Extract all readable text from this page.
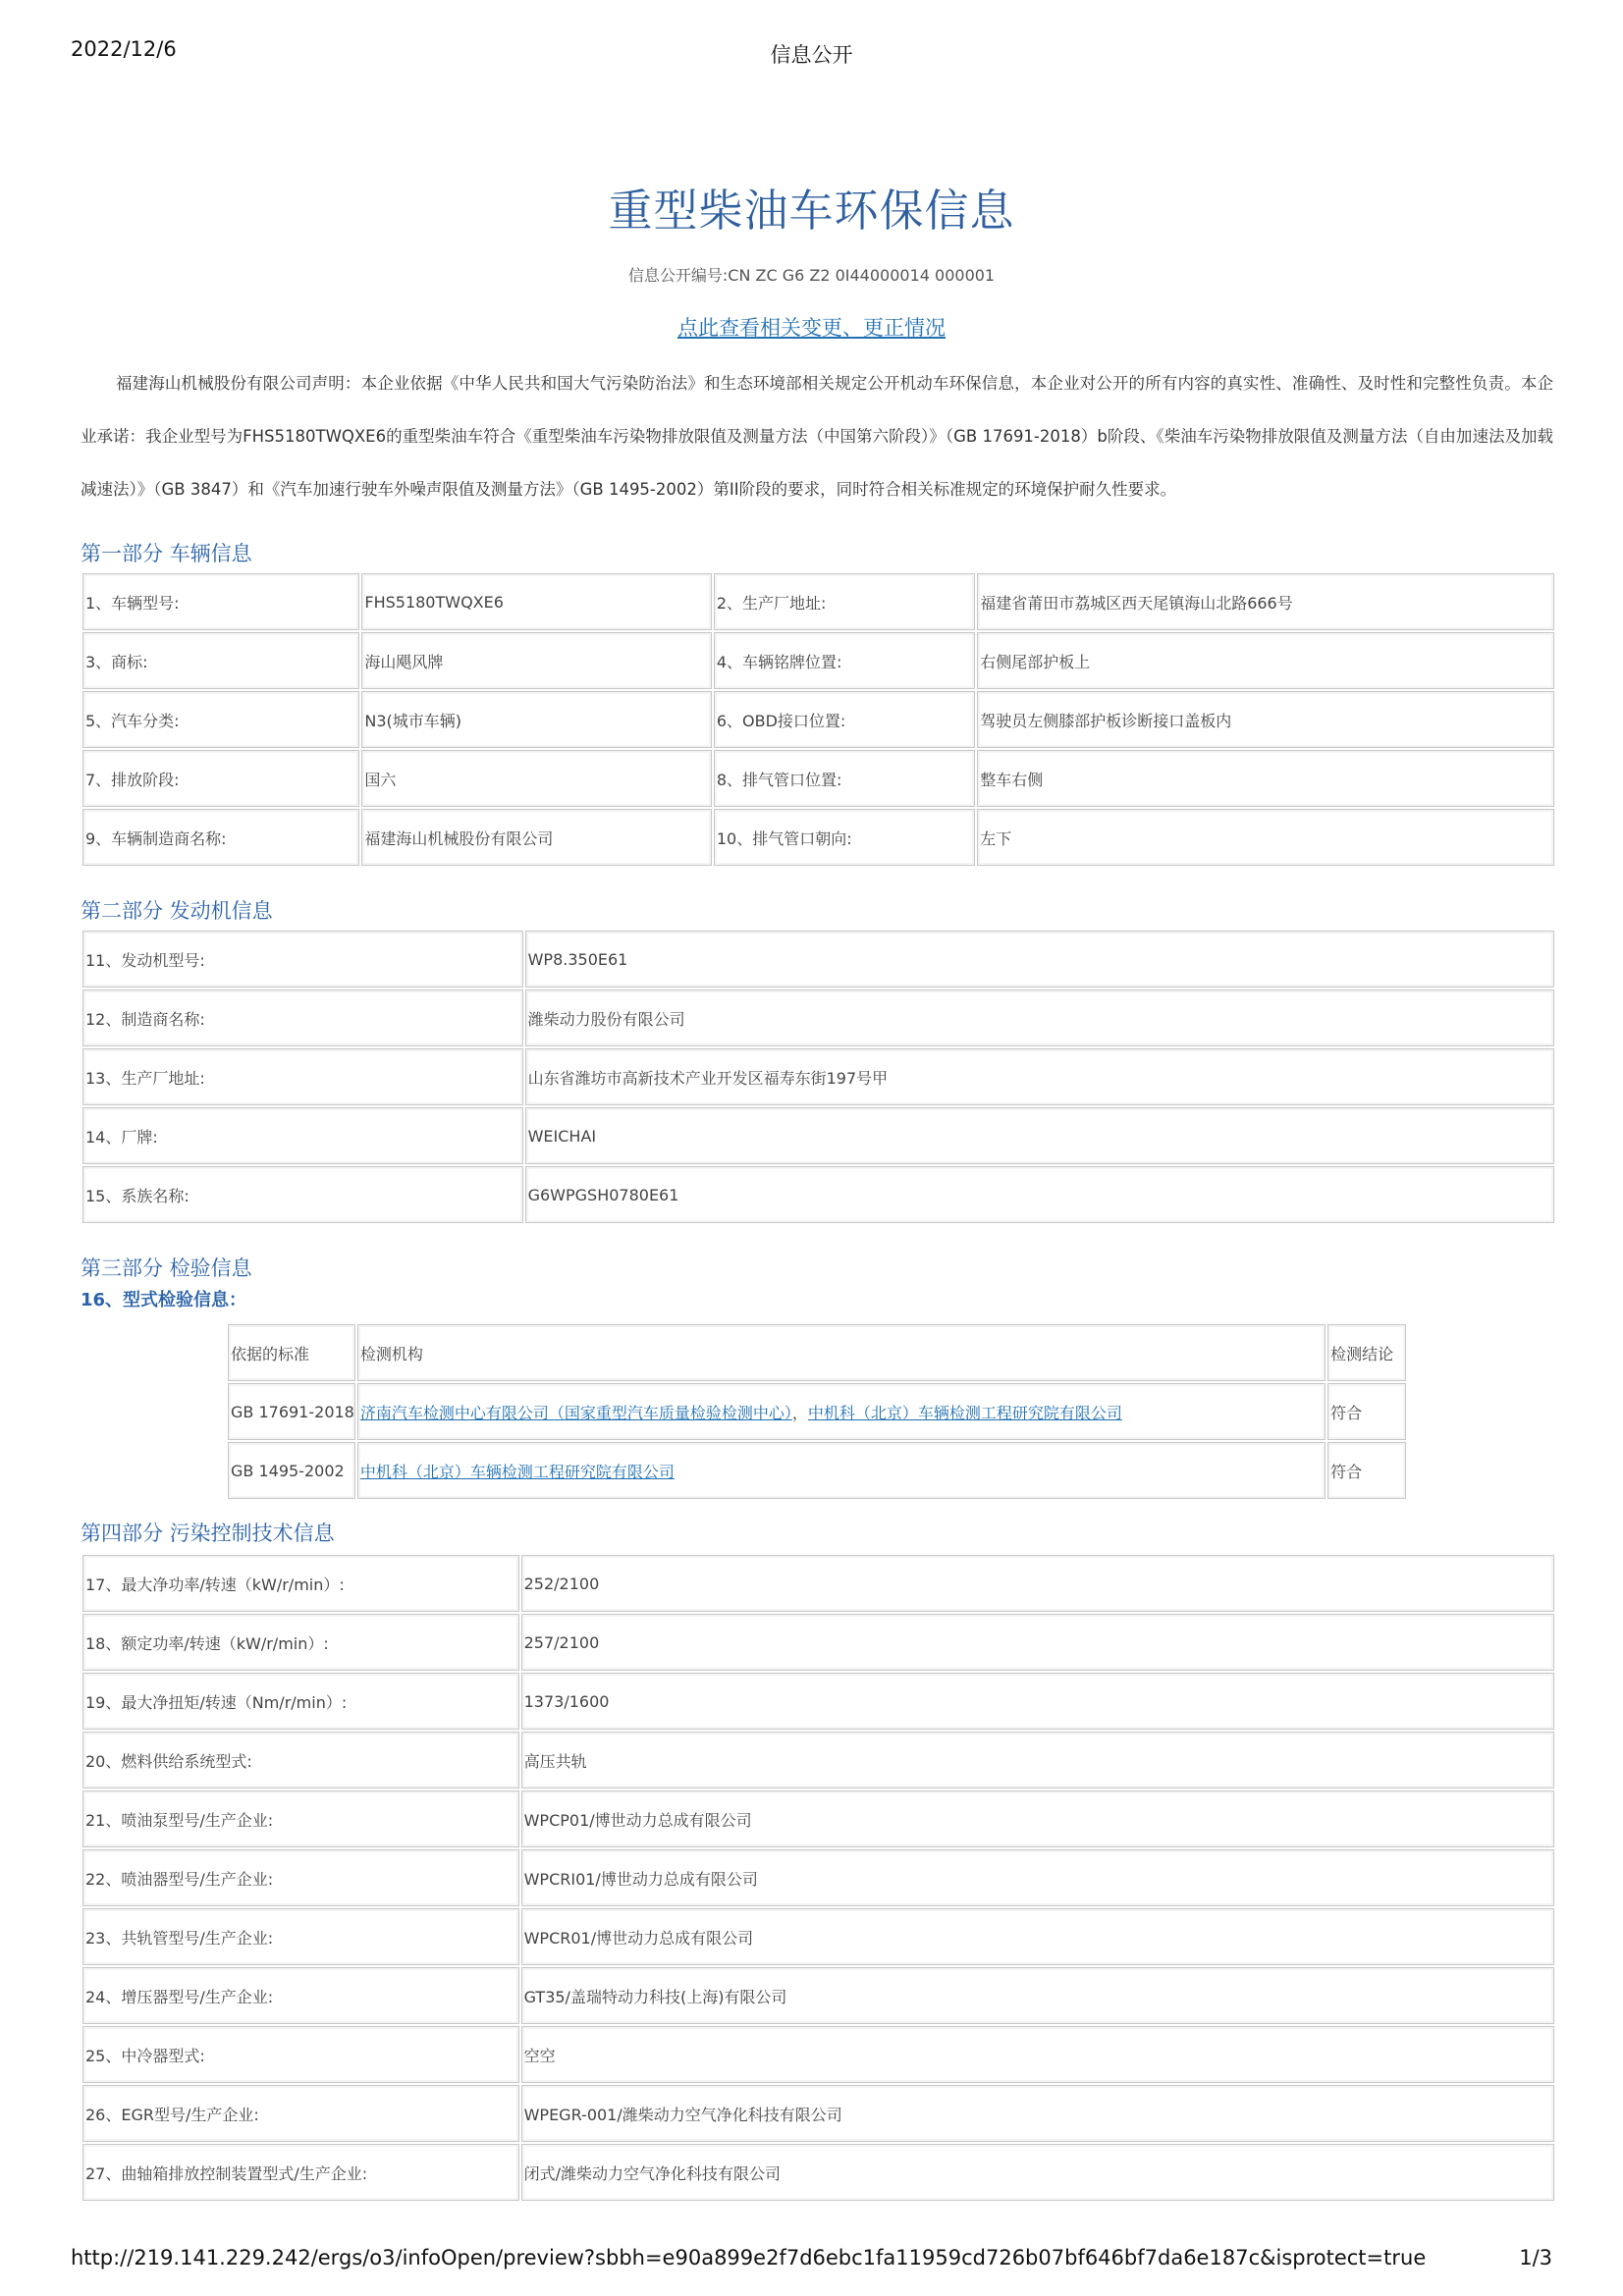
2022/12/6	信息公开
重型柴油车环保信息
信息公开编号:CN ZC G6 Z2 0I44000014 000001
点此查看相关变更、更正情况
福建海山机械股份有限公司声明：本企业依据《中华人民共和国大气污染防治法》和生态环境部相关规定公开机动车环保信息，本企业对公开的所有内容的真实性、准确性、及时性和完整性负责。本企业承诺：我企业型号为FHS5180TWQXE6的重型柴油车符合《重型柴油车污染物排放限值及测量方法（中国第六阶段）》（GB 17691-2018）b阶段、《柴油车污染物排放限值及测量方法（自由加速法及加载减速法）》（GB 3847）和《汽车加速行驶车外噪声限值及测量方法》（GB 1495-2002）第II阶段的要求，同时符合相关标准规定的环境保护耐久性要求。
第一部分 车辆信息
1、车辆型号:	FHS5180TWQXE6	2、生产厂地址:	福建省莆田市荔城区西天尾镇海山北路666号
3、商标:	海山飓风牌	4、车辆铭牌位置:	右侧尾部护板上
5、汽车分类:	N3(城市车辆)	6、OBD接口位置:	驾驶员左侧膝部护板诊断接口盖板内
7、排放阶段:	国六	8、排气管口位置:	整车右侧
9、车辆制造商名称:	福建海山机械股份有限公司	10、排气管口朝向:	左下
第二部分 发动机信息
11、发动机型号:	WP8.350E61
12、制造商名称:	潍柴动力股份有限公司
13、生产厂地址:	山东省潍坊市高新技术产业开发区福寿东街197号甲
14、厂牌:	WEICHAI
15、系族名称:	G6WPGSH0780E61
第三部分 检验信息
16、型式检验信息：
依据的标准	检测机构	检测结论
GB 17691-2018	济南汽车检测中心有限公司（国家重型汽车质量检验检测中心），中机科（北京）车辆检测工程研究院有限公司	符合
GB 1495-2002	中机科（北京）车辆检测工程研究院有限公司	符合
第四部分 污染控制技术信息
17、最大净功率/转速（kW/r/min）:	252/2100
18、额定功率/转速（kW/r/min）:	257/2100
19、最大净扭矩/转速（Nm/r/min）:	1373/1600
20、燃料供给系统型式:	高压共轨
21、喷油泵型号/生产企业:	WPCP01/博世动力总成有限公司
22、喷油器型号/生产企业:	WPCRI01/博世动力总成有限公司
23、共轨管型号/生产企业:	WPCR01/博世动力总成有限公司
24、增压器型号/生产企业:	GT35/盖瑞特动力科技(上海)有限公司
25、中冷器型式:	空空
26、EGR型号/生产企业:	WPEGR-001/潍柴动力空气净化科技有限公司
27、曲轴箱排放控制装置型式/生产企业:	闭式/潍柴动力空气净化科技有限公司
http://219.141.229.242/ergs/o3/infoOpen/preview?sbbh=e90a899e2f7d6ebc1fa11959cd726b07bf646bf7da6e187c&isprotect=true	1/3
